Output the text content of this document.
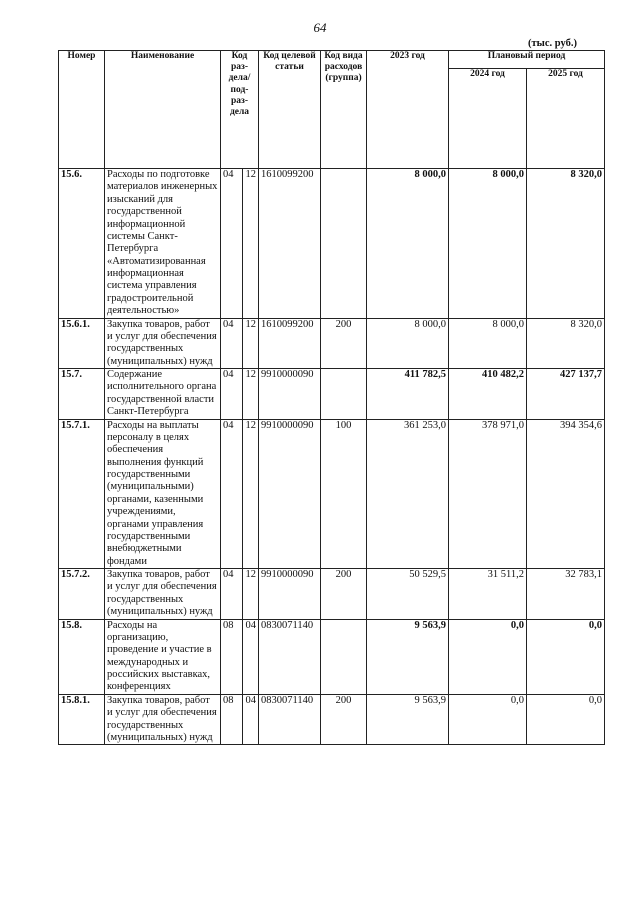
64
(тыс. руб.)
Номер	Наименование	Код раз-дела/ под-раз-дела		Код целевой статьи	Код вида расходов (группа)	2023 год	Плановый период	
							2024 год	2025 год
15.6.	Расходы по подготовке материалов инженерных изысканий для государственной информационной системы Санкт-Петербурга «Автоматизированная информационная система управления градостроительной деятельностью»	04	12	1610099200		8 000,0	8 000,0	8 320,0
15.6.1.	Закупка товаров, работ и услуг для обеспечения государственных (муниципальных) нужд	04	12	1610099200	200	8 000,0	8 000,0	8 320,0
15.7.	Содержание исполнительного органа государственной власти Санкт-Петербурга	04	12	9910000090		411 782,5	410 482,2	427 137,7
15.7.1.	Расходы на выплаты персоналу в целях обеспечения выполнения функций государственными (муниципальными) органами, казенными учреждениями, органами управления государственными внебюджетными фондами	04	12	9910000090	100	361 253,0	378 971,0	394 354,6
15.7.2.	Закупка товаров, работ и услуг для обеспечения государственных (муниципальных) нужд	04	12	9910000090	200	50 529,5	31 511,2	32 783,1
15.8.	Расходы на организацию, проведение и участие в международных и российских выставках, конференциях	08	04	0830071140		9 563,9	0,0	0,0
15.8.1.	Закупка товаров, работ и услуг для обеспечения государственных (муниципальных) нужд	08	04	0830071140	200	9 563,9	0,0	0,0
